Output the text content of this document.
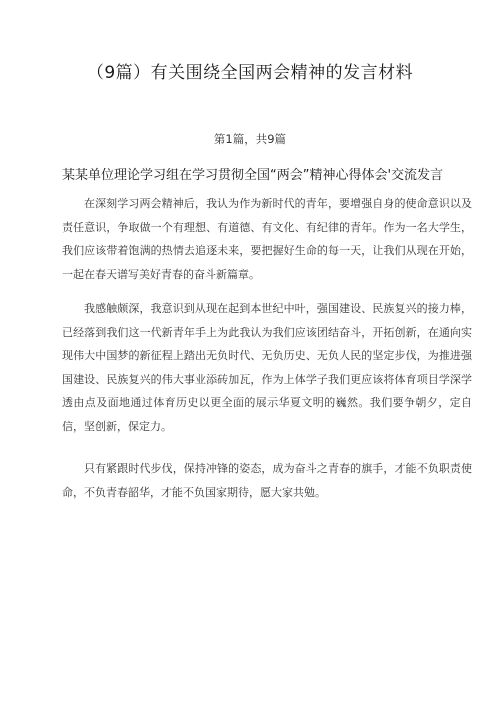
（9篇）有关围绕全国两会精神的发言材料
第1篇，共9篇
某某单位理论学习组在学习贯彻全国“两会”精神心得体会'交流发言

在深刻学习两会精神后，我认为作为新时代的青年，要增强自身的使命意识以及责任意识，争取做一个有理想、有道德、有文化、有纪律的青年。作为一名大学生，我们应该带着饱满的热情去追逐未来，要把握好生命的每一天，让我们从现在开始，一起在春天谱写美好青春的奋斗新篇章。

我感触颇深，我意识到从现在起到本世纪中叶，强国建设、民族复兴的接力棒，已经落到我们这一代新青年手上为此我认为我们应该团结奋斗，开拓创新，在通向实现伟大中国梦的新征程上踏出无负时代、无负历史、无负人民的坚定步伐，为推进强国建设、民族复兴的伟大事业添砖加瓦，作为上体学子我们更应该将体育项目学深学透由点及面地通过体育历史以更全面的展示华夏文明的巍然。我们要争朝夕，定自信，坚创新，保定力。

只有紧跟时代步伐，保持冲锋的姿态，成为奋斗之青春的旗手，才能不负职责使命，不负青春韶华，才能不负国家期待，愿大家共勉。
